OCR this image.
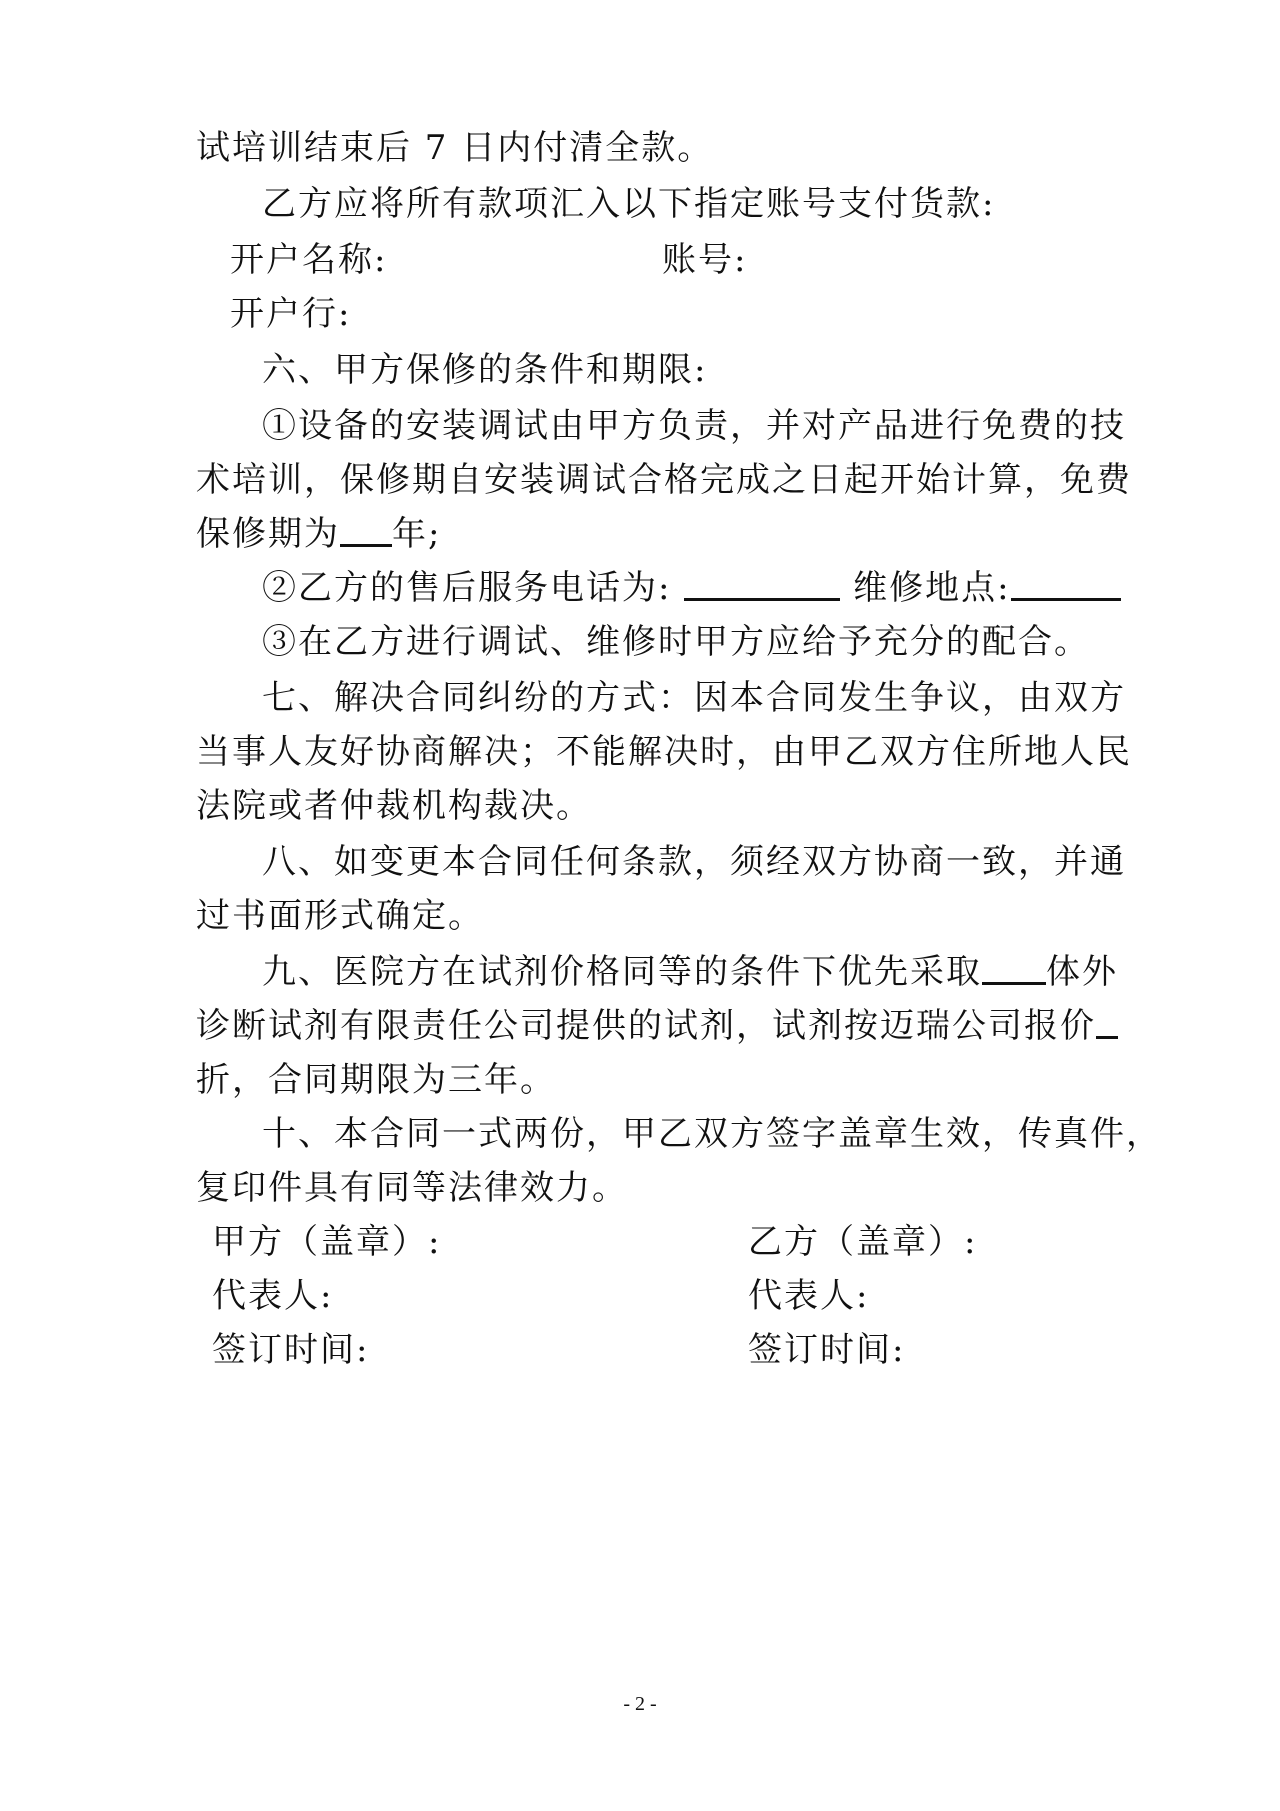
试培训结束后 7 日内付清全款。
乙方应将所有款项汇入以下指定账号支付货款:
开户名称:	账号:
开户行:
六、甲方保修的条件和期限:
①设备的安装调试由甲方负责，并对产品进行免费的技
术培训，保修期自安装调试合格完成之日起开始计算，免费
保修期为 年;
②乙方的售后服务电话为:	维修地点:
③在乙方进行调试、维修时甲方应给予充分的配合。
七、解决合同纠纷的方式：因本合同发生争议，由双方
当事人友好协商解决；不能解决时，由甲乙双方住所地人民
法院或者仲裁机构裁决。
八、如变更本合同任何条款，须经双方协商一致，并通
过书面形式确定。
九、医院方在试剂价格同等的条件下优先采取 体外
诊断试剂有限责任公司提供的试剂，试剂按迈瑞公司报价
折，合同期限为三年。
十、本合同一式两份，甲乙双方签字盖章生效，传真件，
复印件具有同等法律效力。
甲方（盖章）:	乙方（盖章）:
代表人:	代表人:
签订时间:	签订时间:
- 2 -
